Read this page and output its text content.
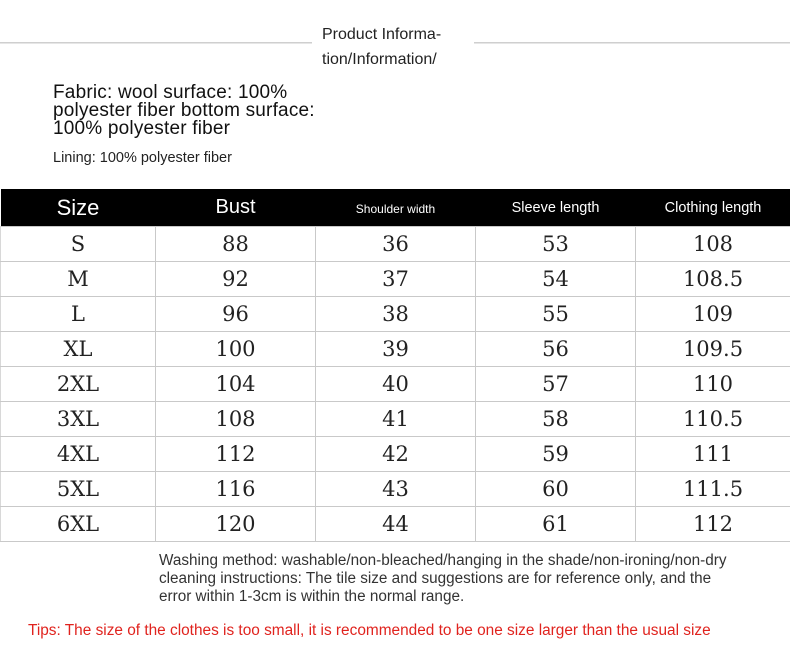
Product Informa-
tion/Information/
Fabric: wool surface: 100%
polyester fiber bottom surface:
100% polyester fiber
Lining: 100% polyester fiber
Size	Bust	Shoulder width	Sleeve length	Clothing length
S	88	36	53	108
M	92	37	54	108.5
L	96	38	55	109
XL	100	39	56	109.5
2XL	104	40	57	110
3XL	108	41	58	110.5
4XL	112	42	59	111
5XL	116	43	60	111.5
6XL	120	44	61	112
Washing method: washable/non-bleached/hanging in the shade/non-ironing/non-dry
cleaning instructions: The tile size and suggestions are for reference only, and the
error within 1-3cm is within the normal range.
Tips: The size of the clothes is too small, it is recommended to be one size larger than the usual size
